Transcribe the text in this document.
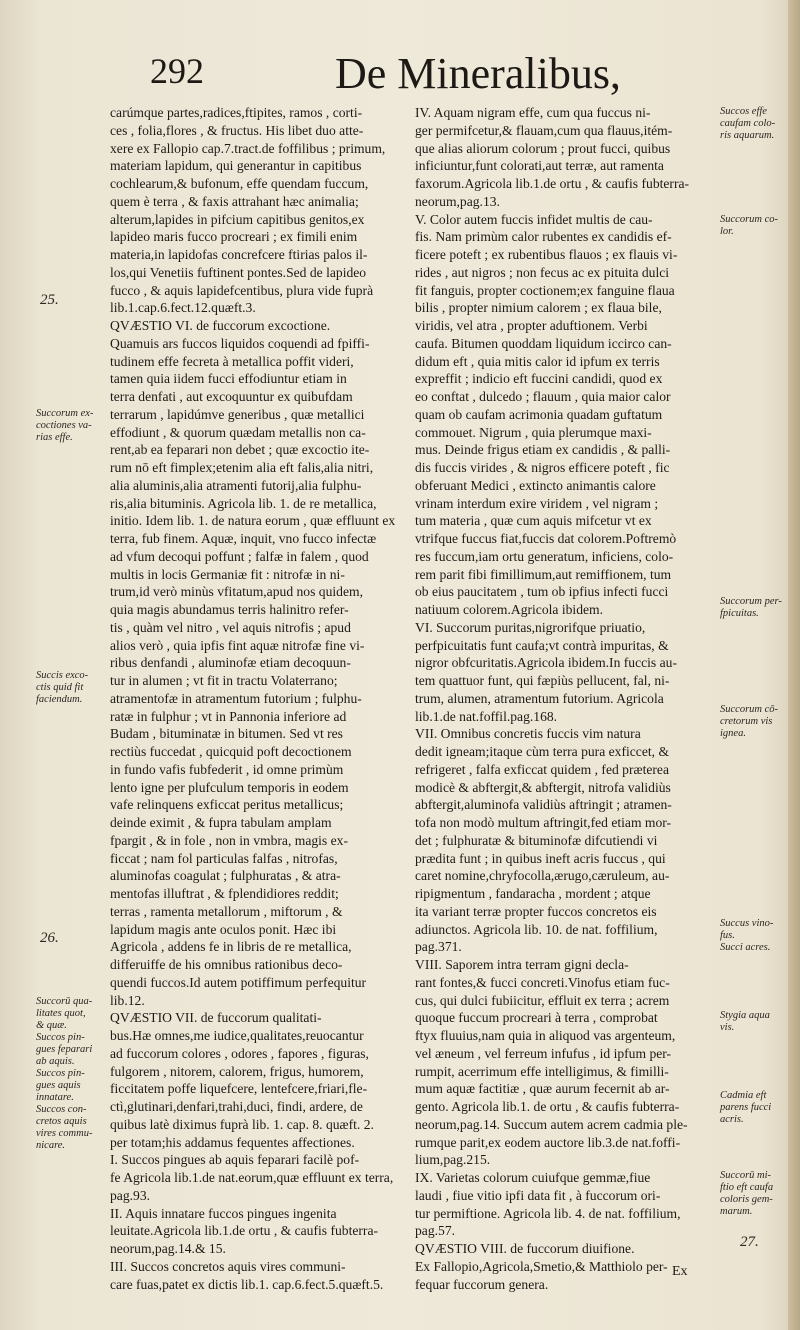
292	De Mineralibus,

carúmque partes,radices,ftipites, ramos , corti-
ces , folia,flores , & fructus. His libet duo atte-
xere ex Fallopio cap.7.tract.de foffilibus ; primum,
materiam lapidum, qui generantur in capitibus
cochlearum,& bufonum, effe quendam fuccum,
quem è terra , & faxis attrahant hæc animalia;
alterum,lapides in pifcium capitibus genitos,ex
lapideo maris fucco procreari ; ex fimili enim
materia,in lapidofas concrefcere ftirias palos il-
los,qui Venetiis fuftinent pontes.Sed de lapideo
fucco , & aquis lapidefcentibus, plura vide fuprà
lib.1.cap.6.fect.12.quæft.3.
QVÆSTIO VI. de fuccorum excoctione.
Quamuis ars fuccos liquidos coquendi ad fpiffi-
tudinem effe fecreta à metallica poffit videri,
tamen quia iidem fucci effodiuntur etiam in
terra denfati , aut excoquuntur ex quibufdam
terrarum , lapidúmve generibus , quæ metallici
effodiunt , & quorum quædam metallis non ca-
rent,ab ea feparari non debet ; quæ excoctio ite-
rum nō eft fimplex;etenim alia eft falis,alia nitri,
alia aluminis,alia atramenti futorij,alia fulphu-
ris,alia bituminis. Agricola lib. 1. de re metallica,
initio. Idem lib. 1. de natura eorum , quæ effluunt ex
terra, fub finem. Aquæ, inquit, vno fucco infectæ
ad vfum decoqui poffunt ; falfæ in falem , quod
multis in locis Germaniæ fit : nitrofæ in ni-
trum,id verò minùs vfitatum,apud nos quidem,
quia magis abundamus terris halinitro refer-
tis , quàm vel nitro , vel aquis nitrofis ; apud
alios verò , quia ipfis fint aquæ nitrofæ fine vi-
ribus denfandi , aluminofæ etiam decoquun-
tur in alumen ; vt fit in tractu Volaterrano;
atramentofæ in atramentum futorium ; fulphu-
ratæ in fulphur ; vt in Pannonia inferiore ad
Budam , bituminatæ in bitumen. Sed vt res
rectiùs fuccedat , quicquid poft decoctionem
in fundo vafis fubfederit , id omne primùm
lento igne per plufculum temporis in eodem
vafe relinquens exficcat peritus metallicus;
deinde eximit , & fupra tabulam amplam
fpargit , & in fole , non in vmbra, magis ex-
ficcat ; nam fol particulas falfas , nitrofas,
aluminofas coagulat ; fulphuratas , & atra-
mentofas illuftrat , & fplendidiores reddit;
terras , ramenta metallorum , miftorum , &
lapidum magis ante oculos ponit. Hæc ibi
Agricola , addens fe in libris de re metallica,
differuiffe de his omnibus rationibus deco-
quendi fuccos.Id autem potiffimum perfequitur
lib.12.
QVÆSTIO VII. de fuccorum qualitati-
bus.Hæ omnes,me iudice,qualitates,reuocantur
ad fuccorum colores , odores , fapores , figuras,
fulgorem , nitorem, calorem, frigus, humorem,
ficcitatem poffe liquefcere, lentefcere,friari,fle-
ctì,glutinari,denfari,trahi,duci, findi, ardere, de
quibus latè diximus fuprà lib. 1. cap. 8. quæft. 2.
per totam;his addamus fequentes affectiones.
I. Succos pingues ab aquis feparari facilè pof-
fe Agricola lib.1.de nat.eorum,quæ effluunt ex terra,
pag.93.
II. Aquis innatare fuccos pingues ingenita
leuitate.Agricola lib.1.de ortu , & caufis fubterra-
neorum,pag.14.& 15.
III. Succos concretos aquis vires communi-
care fuas,patet ex dictis lib.1. cap.6.fect.5.quæft.5.

IV. Aquam nigram effe, cum qua fuccus ni-
ger permifcetur,& flauam,cum qua flauus,itém-
que alias aliorum colorum ; prout fucci, quibus
inficiuntur,funt colorati,aut terræ, aut ramenta
faxorum.Agricola lib.1.de ortu , & caufis fubterra-
neorum,pag.13.
V. Color autem fuccis infidet multis de cau-
fis. Nam primùm calor rubentes ex candidis ef-
ficere poteft ; ex rubentibus flauos ; ex flauis vi-
rides , aut nigros ; non fecus ac ex pituita dulci
fit fanguis, propter coctionem;ex fanguine flaua
bilis , propter nimium calorem ; ex flaua bile,
viridis, vel atra , propter aduftionem. Verbi
caufa. Bitumen quoddam liquidum iccirco can-
didum eft , quia mitis calor id ipfum ex terris
expreffit ; indicio eft fuccini candidi, quod ex
eo conftat , dulcedo ; flauum , quia maior calor
quam ob caufam acrimonia quadam guftatum
commouet. Nigrum , quia plerumque maxi-
mus. Deinde frigus etiam ex candidis , & palli-
dis fuccis virides , & nigros efficere poteft , fic
obferuant Medici , extincto animantis calore
vrinam interdum exire viridem , vel nigram ;
tum materia , quæ cum aquis mifcetur vt ex
vtrifque fuccus fiat,fuccis dat colorem.Poftremò
res fuccum,iam ortu generatum, inficiens, colo-
rem parit fibi fimillimum,aut remiffionem, tum
ob eius paucitatem , tum ob ipfius infecti fucci
natiuum colorem.Agricola ibidem.
VI. Succorum puritas,nigrorifque priuatio,
perfpicuitatis funt caufa;vt contrà impuritas, &
nigror obfcuritatis.Agricola ibidem.In fuccis au-
tem quattuor funt, qui fæpiùs pellucent, fal, ni-
trum, alumen, atramentum futorium. Agricola
lib.1.de nat.foffil.pag.168.
VII. Omnibus concretis fuccis vim natura
dedit igneam;itaque cùm terra pura exficcet, &
refrigeret , falfa exficcat quidem , fed præterea
modicè & abftergit,& abftergit, nitrofa validiùs
abftergit,aluminofa validiùs aftringit ; atramen-
tofa non modò multum aftringit,fed etiam mor-
det ; fulphuratæ & bituminofæ difcutiendi vi
prædita funt ; in quibus ineft acris fuccus , qui
caret nomine,chryfocolla,ærugo,cæruleum, au-
ripigmentum , fandaracha , mordent ; atque
ita variant terræ propter fuccos concretos eis
adiunctos. Agricola lib. 10. de nat. foffilium,
pag.371.
VIII. Saporem intra terram gigni decla-
rant fontes,& fucci concreti.Vinofus etiam fuc-
cus, qui dulci fubiicitur, effluit ex terra ; acrem
quoque fuccum procreari à terra , comprobat
ftyx fluuius,nam quia in aliquod vas argenteum,
vel æneum , vel ferreum infufus , id ipfum per-
rumpit, acerrimum effe intelligimus, & fimilli-
mum aquæ factitiæ , quæ aurum fecernit ab ar-
gento. Agricola lib.1. de ortu , & caufis fubterra-
neorum,pag.14. Succum autem acrem cadmia ple-
rumque parit,ex eodem auctore lib.3.de nat.foffi-
lium,pag.215.
IX. Varietas colorum cuiufque gemmæ,fiue
laudi , fiue vitio ipfi data fit , à fuccorum ori-
tur permiftione. Agricola lib. 4. de nat. foffilium,
pag.57.
QVÆSTIO VIII. de fuccorum diuifione.
Ex Fallopio,Agricola,Smetio,& Matthiolo per-
fequar fuccorum genera.

25.
Succorum ex-
coctiones va-
rias effe.
Succis exco-
ctis quid fit
faciendum.
26.
Succorū qua-
litates quot,
& quæ.
Succos pin-
gues feparari
ab aquis.
Succos pin-
gues aquis
innatare.
Succos con-
cretos aquis
vires commu-
nicare.
Succos effe
caufam colo-
ris aquarum.
Succorum co-
lor.
Succorum per-
fpicuitas.
Succorum cō-
cretorum vis
ignea.
Succus vino-
fus.
Succi acres.
Stygia aqua
vis.
Cadmia eft
parens fucci
acris.
Succorū mi-
ftio eft caufa
coloris gem-
marum.
27.
Ex
